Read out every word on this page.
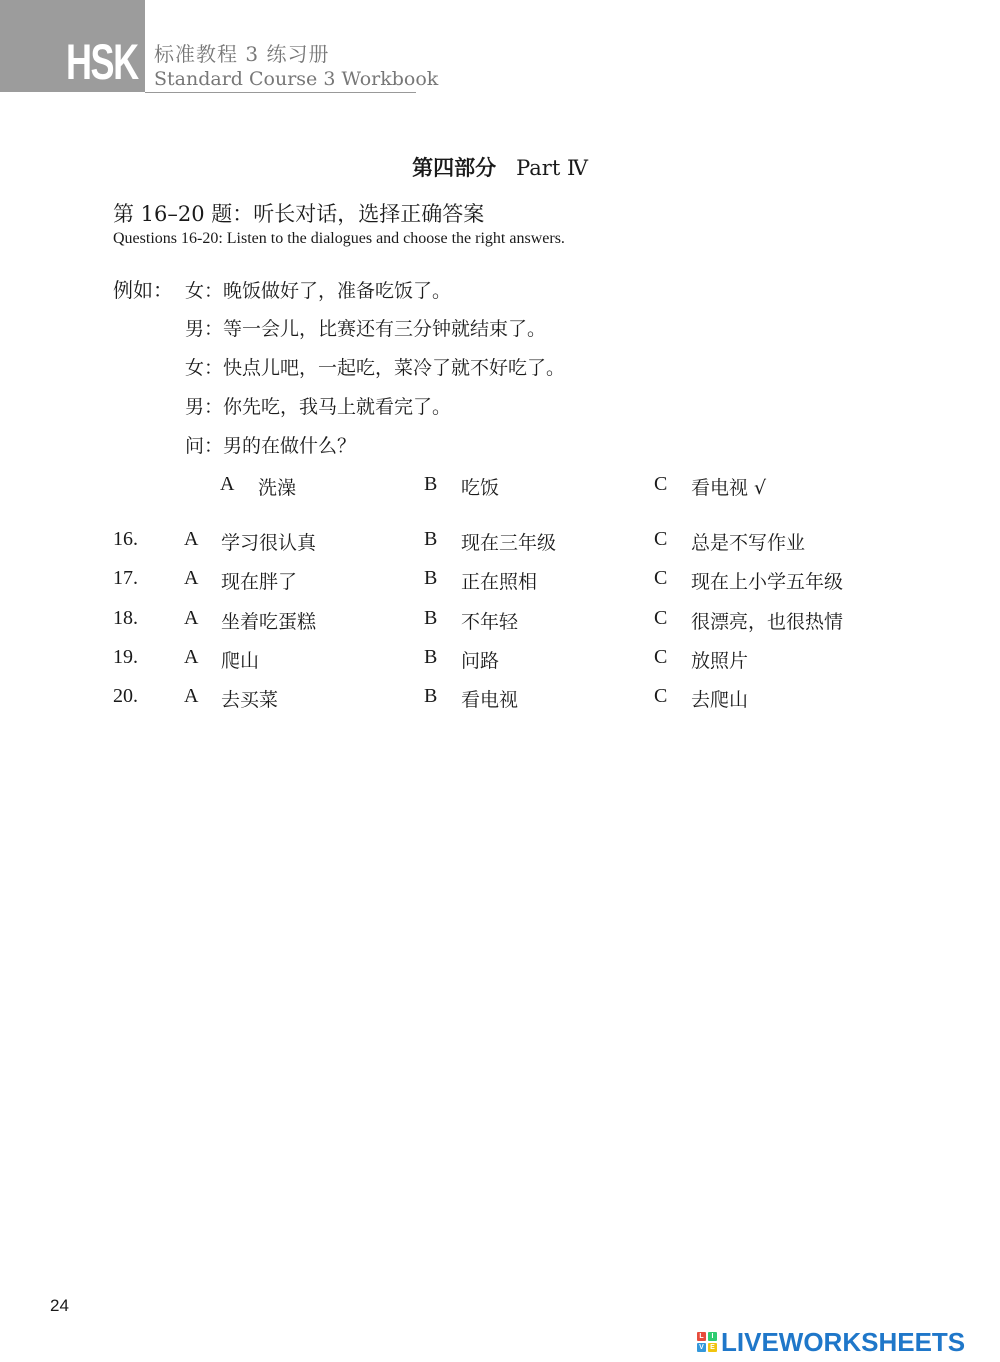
HSK 标准教程 3 练习册
Standard Course 3 Workbook
第四部分 Part Ⅳ
第 16–20 题：听长对话，选择正确答案
Questions 16-20: Listen to the dialogues and choose the right answers.
例如： 女：晚饭做好了，准备吃饭了。
男：等一会儿，比赛还有三分钟就结束了。
女：快点儿吧，一起吃，菜冷了就不好吃了。
男：你先吃，我马上就看完了。
问：男的在做什么？
A 洗澡	B 吃饭	C 看电视 √
16. A 学习很认真	B 现在三年级	C 总是不写作业
17. A 现在胖了	B 正在照相	C 现在上小学五年级
18. A 坐着吃蛋糕	B 不年轻	C 很漂亮，也很热情
19. A 爬山	B 问路	C 放照片
20. A 去买菜	B 看电视	C 去爬山
24
L	I
V E LIVEWORKSHEETS
